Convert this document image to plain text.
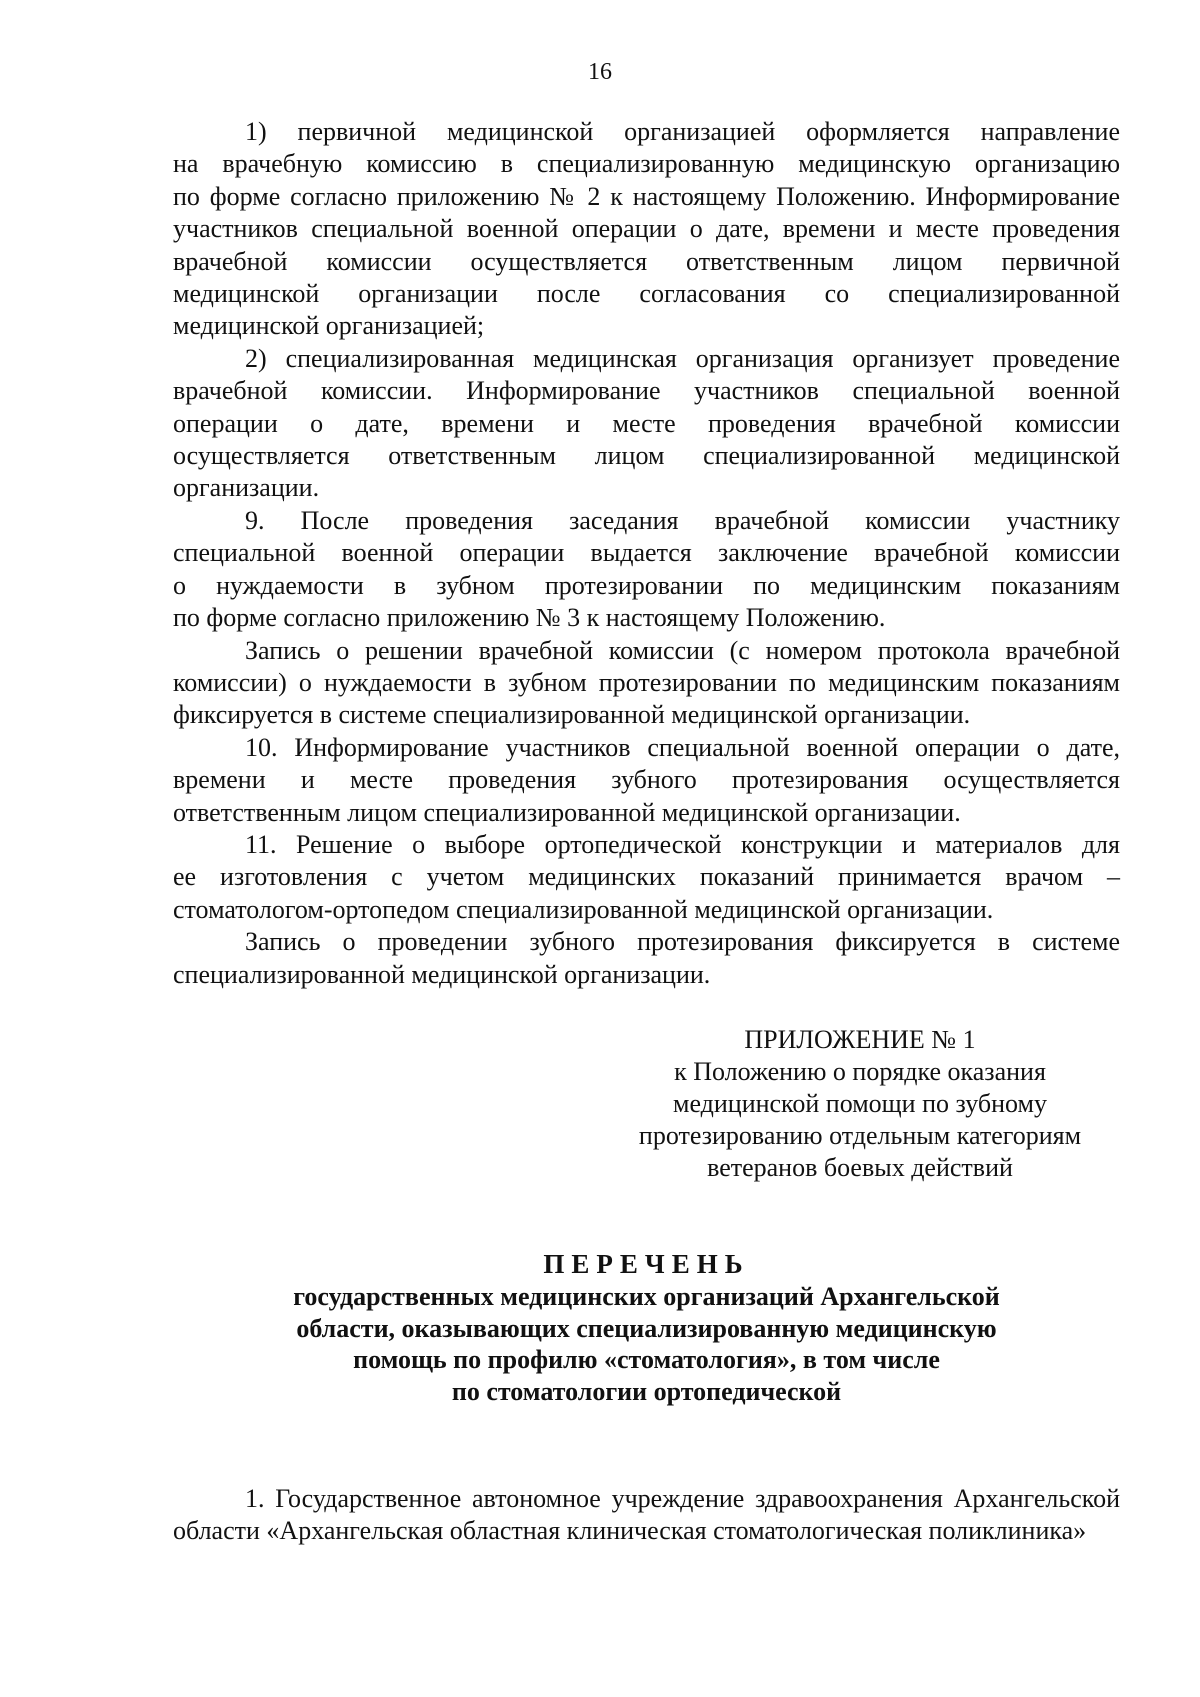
16

1) первичной медицинской организацией оформляется направление
на врачебную комиссию в специализированную медицинскую организацию
по форме согласно приложению № 2 к настоящему Положению. Информирование
участников специальной военной операции о дате, времени и месте проведения
врачебной комиссии осуществляется ответственным лицом первичной
медицинской организации после согласования со специализированной
медицинской организацией;

2) специализированная медицинская организация организует проведение
врачебной комиссии. Информирование участников специальной военной
операции о дате, времени и месте проведения врачебной комиссии
осуществляется ответственным лицом специализированной медицинской
организации.

9. После проведения заседания врачебной комиссии участнику
специальной военной операции выдается заключение врачебной комиссии
о нуждаемости в зубном протезировании по медицинским показаниям
по форме согласно приложению № 3 к настоящему Положению.

Запись о решении врачебной комиссии (с номером протокола врачебной
комиссии) о нуждаемости в зубном протезировании по медицинским показаниям
фиксируется в системе специализированной медицинской организации.

10. Информирование участников специальной военной операции о дате,
времени и месте проведения зубного протезирования осуществляется
ответственным лицом специализированной медицинской организации.

11. Решение о выборе ортопедической конструкции и материалов для
ее изготовления с учетом медицинских показаний принимается врачом –
стоматологом-ортопедом специализированной медицинской организации.

Запись о проведении зубного протезирования фиксируется в системе
специализированной медицинской организации.

ПРИЛОЖЕНИЕ № 1
к Положению о порядке оказания
медицинской помощи по зубному
протезированию отдельным категориям
ветеранов боевых действий
ПЕРЕЧЕНЬ
государственных медицинских организаций Архангельской
области, оказывающих специализированную медицинскую
помощь по профилю «стоматология», в том числе
по стоматологии ортопедической

1. Государственное автономное учреждение здравоохранения Архангельской
области «Архангельская областная клиническая стоматологическая поликлиника»
